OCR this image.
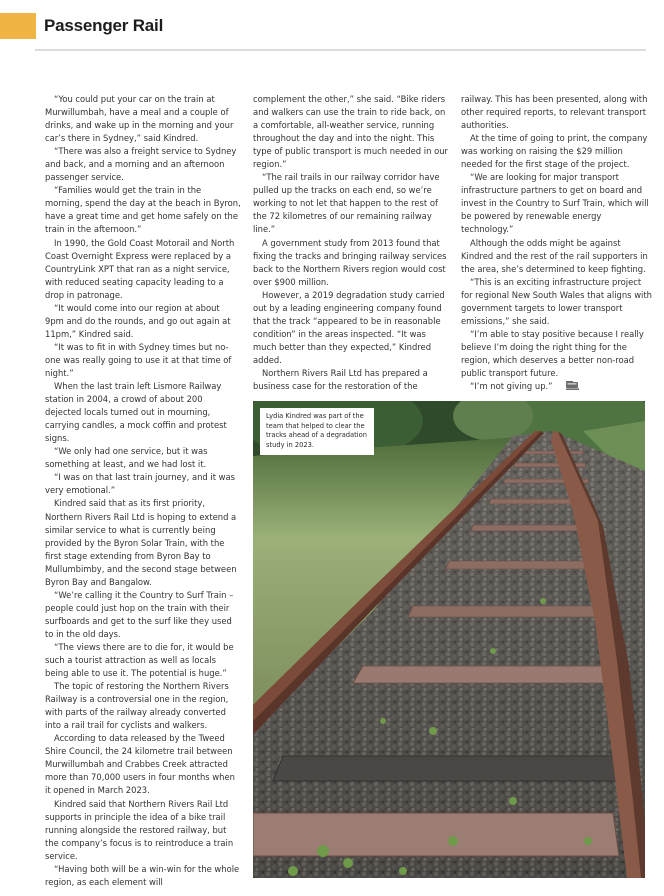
Passenger Rail

“You could put your car on the train at Murwillumbah, have a meal and a couple of drinks, and wake up in the morning and your car’s there in Sydney,” said Kindred.

“There was also a freight service to Sydney and back, and a morning and an afternoon passenger service.

“Families would get the train in the morning, spend the day at the beach in Byron, have a great time and get home safely on the train in the afternoon.”

In 1990, the Gold Coast Motorail and North Coast Overnight Express were replaced by a CountryLink XPT that ran as a night service, with reduced seating capacity leading to a drop in patronage.

“It would come into our region at about 9pm and do the rounds, and go out again at 11pm,” Kindred said.

“It was to fit in with Sydney times but no-one was really going to use it at that time of night.”

When the last train left Lismore Railway station in 2004, a crowd of about 200 dejected locals turned out in mourning, carrying candles, a mock coffin and protest signs.

“We only had one service, but it was something at least, and we had lost it.

“I was on that last train journey, and it was very emotional.”

Kindred said that as its first priority, Northern Rivers Rail Ltd is hoping to extend a similar service to what is currently being provided by the Byron Solar Train, with the first stage extending from Byron Bay to Mullumbimby, and the second stage between Byron Bay and Bangalow.

“We’re calling it the Country to Surf Train – people could just hop on the train with their surfboards and get to the surf like they used to in the old days.

“The views there are to die for, it would be such a tourist attraction as well as locals being able to use it. The potential is huge.”

The topic of restoring the Northern Rivers Railway is a controversial one in the region, with parts of the railway already converted into a rail trail for cyclists and walkers.

According to data released by the Tweed Shire Council, the 24 kilometre trail between Murwillumbah and Crabbes Creek attracted more than 70,000 users in four months when it opened in March 2023.

Kindred said that Northern Rivers Rail Ltd supports in principle the idea of a bike trail running alongside the restored railway, but the company’s focus is to reintroduce a train service.

“Having both will be a win-win for the whole region, as each element will

complement the other,” she said. “Bike riders and walkers can use the train to ride back, on a comfortable, all-weather service, running throughout the day and into the night. This type of public transport is much needed in our region.”

“The rail trails in our railway corridor have pulled up the tracks on each end, so we’re working to not let that happen to the rest of the 72 kilometres of our remaining railway line.”

A government study from 2013 found that fixing the tracks and bringing railway services back to the Northern Rivers region would cost over $900 million.

However, a 2019 degradation study carried out by a leading engineering company found that the track “appeared to be in reasonable condition” in the areas inspected. “It was much better than they expected,” Kindred added.

Northern Rivers Rail Ltd has prepared a business case for the restoration of the

railway. This has been presented, along with other required reports, to relevant transport authorities.

At the time of going to print, the company was working on raising the $29 million needed for the first stage of the project.

“We are looking for major transport infrastructure partners to get on board and invest in the Country to Surf Train, which will be powered by renewable energy technology.”

Although the odds might be against Kindred and the rest of the rail supporters in the area, she’s determined to keep fighting.

“This is an exciting infrastructure project for regional New South Wales that aligns with government targets to lower transport emissions,” she said.

“I’m able to stay positive because I really believe I’m doing the right thing for the region, which deserves a better non-road public transport future.

“I’m not giving up.”

Lydia Kindred was part of the team that helped to clear the tracks ahead of a degradation study in 2023.
